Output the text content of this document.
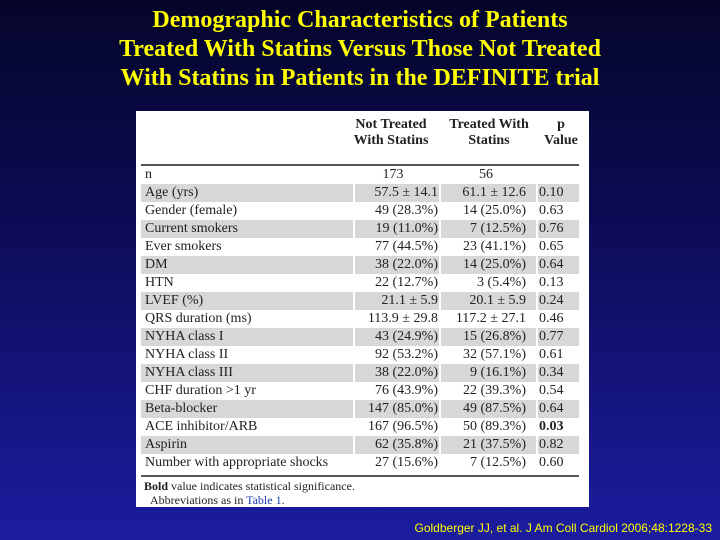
Demographic Characteristics of Patients
Treated With Statins Versus Those Not Treated
With Statins in Patients in the DEFINITE trial
Not Treated
With Statins
Treated With
Statins
p
Value
n	173	56
Age (yrs)	57.5 ± 14.1	61.1 ± 12.6 0.10
Gender (female)	49 (28.3%)	14 (25.0%) 0.63
Current smokers	19 (11.0%)	7 (12.5%) 0.76
Ever smokers	77 (44.5%)	23 (41.1%) 0.65
DM	38 (22.0%)	14 (25.0%) 0.64
HTN	22 (12.7%)	3 (5.4%) 0.13
LVEF (%)	21.1 ± 5.9	20.1 ± 5.9 0.24
QRS duration (ms)	113.9 ± 29.8	117.2 ± 27.1 0.46
NYHA class I	43 (24.9%)	15 (26.8%) 0.77
NYHA class II	92 (53.2%)	32 (57.1%) 0.61
NYHA class III	38 (22.0%)	9 (16.1%) 0.34
CHF duration >1 yr	76 (43.9%)	22 (39.3%) 0.54
Beta-blocker	147 (85.0%)	49 (87.5%) 0.64
ACE inhibitor/ARB	167 (96.5%)	50 (89.3%) 0.03
Aspirin	62 (35.8%)	21 (37.5%) 0.82
Number with appropriate shocks	27 (15.6%)	7 (12.5%) 0.60
Bold value indicates statistical significance.
Abbreviations as in Table 1.
Goldberger JJ, et al. J Am Coll Cardiol 2006;48:1228-33
